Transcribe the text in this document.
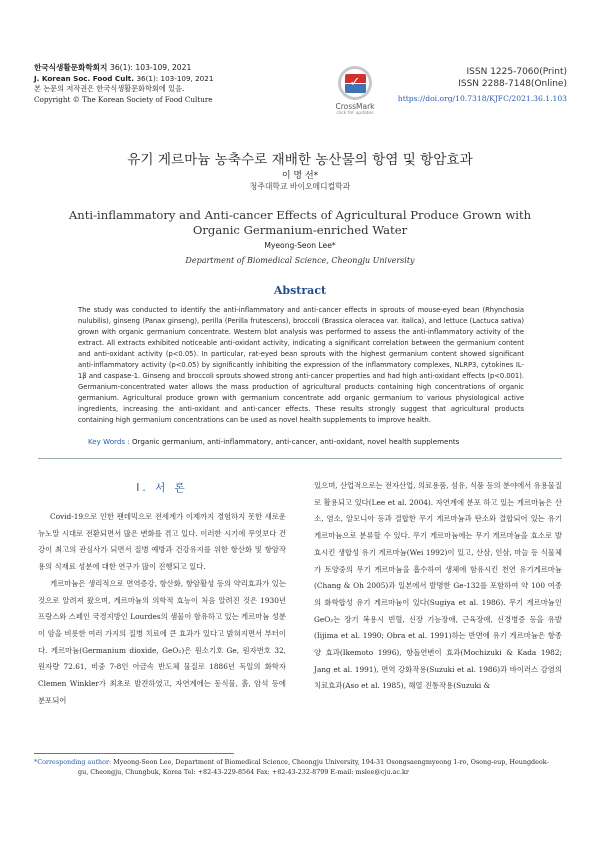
한국식생활문화학회지 36(1): 103-109, 2021
J. Korean Soc. Food Cult. 36(1): 103-109, 2021
본 논문의 저작권은 한국식생활문화학회에 있음.
Copyright © The Korean Society of Food Culture
✓
CrossMark
click for updates
ISSN 1225-7060(Print)
ISSN 2288-7148(Online)
https://doi.org/10.7318/KJFC/2021.36.1.103
유기 게르마늄 농축수로 재배한 농산물의 항염 및 항암효과
이 명 선*
청주대학교 바이오메디컬학과
Anti-inflammatory and Anti-cancer Effects of Agricultural Produce Grown with
Organic Germanium-enriched Water
Myeong-Seon Lee*
Department of Biomedical Science, Cheongju University
Abstract
The study was conducted to identify the anti-inflammatory and anti-cancer effects in sprouts of mouse-eyed bean (Rhynchosia nulubilis), ginseng (Panax ginseng), perilla (Perilla frutescens), broccoli (Brassica oleracea var. italica), and lettuce (Lactuca sativa) grown with organic germanium concentrate. Western blot analysis was performed to assess the anti-inflammatory activity of the extract. All extracts exhibited noticeable anti-oxidant activity, indicating a significant correlation between the germanium content and anti-oxidant activity (p<0.05). In particular, rat-eyed bean sprouts with the highest germanium content showed significant anti-inflammatory activity (p<0.05) by significantly inhibiting the expression of the inflammatory complexes, NLRP3, cytokines IL-1β and caspase-1. Ginseng and broccoli sprouts showed strong anti-cancer properties and had high anti-oxidant effects (p<0.001). Germanium-concentrated water allows the mass production of agricultural products containing high concentrations of organic germanium. Agricultural produce grown with germanium concentrate add organic germanium to various physiological active ingredients, increasing the anti-oxidant and anti-cancer effects. These results strongly suggest that agricultural products containing high germanium concentrations can be used as novel health supplements to improve health.
Key Words : Organic germanium, anti-inflammatory, anti-cancer, anti-oxidant, novel health supplements
I. 서 론

Covid-19으로 인한 팬데믹으로 전세계가 이제까지 경험하지 못한 새로운 뉴노말 시대로 전환되면서 많은 변화를 겪고 있다. 이러한 시기에 무엇보다 건강이 최고의 관심사가 되면서 질병 예방과 건강유지를 위한 항산화 및 항암작용의 식재료 성분에 대한 연구가 많이 진행되고 있다.

게르마늄은 생리적으로 면역증강, 항산화, 항암활성 등의 약리효과가 있는 것으로 알려져 왔으며, 게르마늄의 의학적 효능이 처음 알려진 것은 1930년 프랑스와 스페인 국경지방인 Lourdes의 샘물이 함유하고 있는 게르마늄 성분이 암을 비롯한 여러 가지의 질병 치료에 큰 효과가 있다고 밝혀지면서 부터이다. 게르마늄(Germanium dioxide, GeO₂)은 원소기호 Ge, 원자번호 32, 원자량 72.61, 비중 7-8인 아금속 반도체 물질로 1886년 독일의 화학자 Clemen Winkler가 최초로 발견하였고, 자연계에는 동식물, 흙, 암석 등에 분포되어

있으며, 산업적으로는 전자산업, 의료용품, 섬유, 식품 등의 분야에서 유용물질로 활용되고 있다(Lee et al. 2004). 자연계에 분포 하고 있는 게르마늄은 산소, 염소, 알모니아 등과 결합한 무기 게르마늄과 탄소와 결합되어 있는 유기 게르마늄으로 분류할 수 있다. 무기 게르마늄에는 무기 게르마늄을 효소로 발효시킨 생합성 유기 게르마늄(Wei 1992)이 있고, 산삼, 인삼, 마늘 등 식물체가 토양중의 무기 게르마늄을 흡수하여 생체에 함유시킨 천연 유기게르마늄(Chang & Oh 2005)과 일본에서 발명한 Ge-132를 포함하여 약 100 여종의 화학합성 유기 게르마늄이 있다(Sugiya et al. 1986). 무기 게르마늄인 GeO₂는 장기 복용시 빈혈, 신장 기능장애, 근육장애, 신경병증 등을 유발(Iijima et al. 1990; Obra et al. 1991)하는 반면에 유기 게르마늄은 항종양 효과(Ikemoto 1996), 항돌연변이 효과(Mochizuki & Kada 1982; Jang et al. 1991), 면역 강화작용(Suzuki et al. 1986)과 바이러스 감염의 치료효과(Aso et al. 1985), 해열 진통작용(Suzuki &

*Corresponding author: Myeong-Seon Lee, Department of Biomedical Science, Cheongju University, 194-31 Osongsaengmyeong 1-ro, Osong-eup, Heungdeok-
gu, Cheongju, Chungbuk, Korea Tel: +82-43-229-8564 Fax: +82-43-232-8799 E-mail: mslee@cju.ac.kr
